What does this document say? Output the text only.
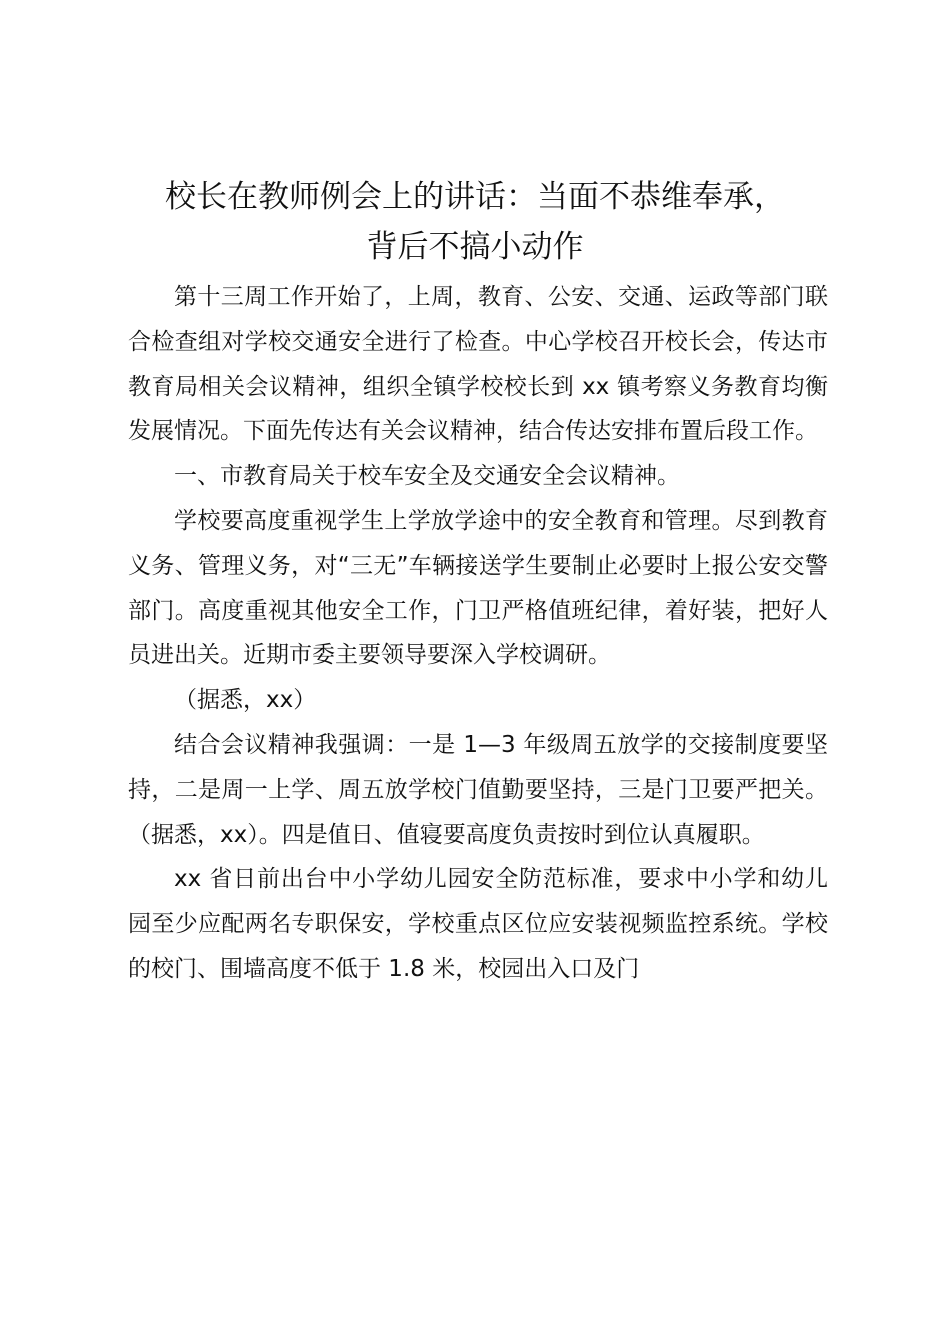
校长在教师例会上的讲话：当面不恭维奉承，
背后不搞小动作

第十三周工作开始了，上周，教育、公安、交通、运政等部门联合检查组对学校交通安全进行了检查。中心学校召开校长会，传达市教育局相关会议精神，组织全镇学校校长到 xx 镇考察义务教育均衡发展情况。下面先传达有关会议精神，结合传达安排布置后段工作。

一、市教育局关于校车安全及交通安全会议精神。

学校要高度重视学生上学放学途中的安全教育和管理。尽到教育义务、管理义务，对“三无”车辆接送学生要制止必要时上报公安交警部门。高度重视其他安全工作，门卫严格值班纪律，着好装，把好人员进出关。近期市委主要领导要深入学校调研。

（据悉，xx）

结合会议精神我强调：一是 1—3 年级周五放学的交接制度要坚持，二是周一上学、周五放学校门值勤要坚持，三是门卫要严把关。（据悉，xx）。四是值日、值寝要高度负责按时到位认真履职。

xx 省日前出台中小学幼儿园安全防范标准，要求中小学和幼儿园至少应配两名专职保安，学校重点区位应安装视频监控系统。学校的校门、围墙高度不低于 1.8 米，校园出入口及门
